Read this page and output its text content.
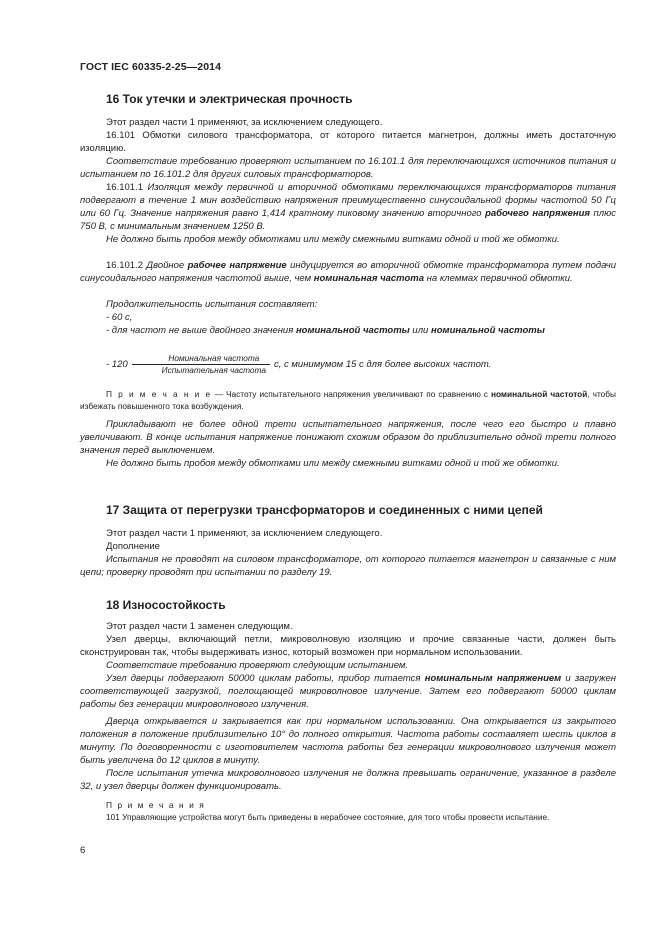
ГОСТ IEC 60335-2-25—2014
16 Ток утечки и электрическая прочность
Этот раздел части 1 применяют, за исключением следующего.
16.101 Обмотки силового трансформатора, от которого питается магнетрон, должны иметь достаточную изоляцию.
Соответствие требованию проверяют испытанием по 16.101.1 для переключающихся источников питания и испытанием по 16.101.2 для других силовых трансформаторов.
16.101.1 Изоляция между первичной и вторичной обмотками переключающихся трансформаторов питания подвергают в течение 1 мин воздействию напряжения преимущественно синусоидальной формы частотой 50 Гц или 60 Гц. Значение напряжения равно 1,414 кратному пиковому значению вторичного рабочего напряжения плюс 750 В, с минимальным значением 1250 В.
Не должно быть пробоя между обмотками или между смежными витками одной и той же обмотки.
16.101.2 Двойное рабочее напряжение индуцируется во вторичной обмотке трансформатора путем подачи синусоидального напряжения частотой выше, чем номинальная частота на клеммах первичной обмотки.
Продолжительность испытания составляет:
- 60 с,
- для частот не выше двойного значения номинальной частоты или номинальной частоты
- $120 \frac{\text{Номинальная частота}}{\text{Испытательная частота}} с$, с минимумом 15 с для более высоких частот.
П р и м е ч а н и е — Частоту испытательного напряжения увеличивают по сравнению с номинальной частотой, чтобы избежать повышенного тока возбуждения.
Прикладывают не более одной трети испытательного напряжения, после чего его быстро и плавно увеличивают. В конце испытания напряжение понижают схожим образом до приблизительно одной трети полного значения перед выключением.
Не должно быть пробоя между обмотками или между смежными витками одной и той же обмотки.
17 Защита от перегрузки трансформаторов и соединенных с ними цепей
Этот раздел части 1 применяют, за исключением следующего.
Дополнение
Испытания не проводят на силовом трансформаторе, от которого питается магнетрон и связанные с ним цепи; проверку проводят при испытании по разделу 19.
18 Износостойкость
Этот раздел части 1 заменен следующим.
Узел дверцы, включающий петли, микроволновую изоляцию и прочие связанные части, должен быть сконструирован так, чтобы выдерживать износ, который возможен при нормальном использовании.
Соответствие требованию проверяют следующим испытанием.
Узел дверцы подвергают 50000 циклам работы, прибор питается номинальным напряжением и загружен соответствующей загрузкой, поглощающей микроволновое излучение. Затем его подвергают 50000 циклам работы без генерации микроволнового излучения.
Дверца открывается и закрывается как при нормальном использовании. Она открывается из закрытого положения в положение приблизительно 10° до полного открытия. Частота работы составляет шесть циклов в минуту. По договоренности с изготовителем частота работы без генерации микроволнового излучения может быть увеличена до 12 циклов в минуту.
После испытания утечка микроволнового излучения не должна превышать ограничение, указанное в разделе 32, и узел дверцы должен функционировать.
П р и м е ч а н и я
101 Управляющие устройства могут быть приведены в нерабочее состояние, для того чтобы провести испытание.
6
